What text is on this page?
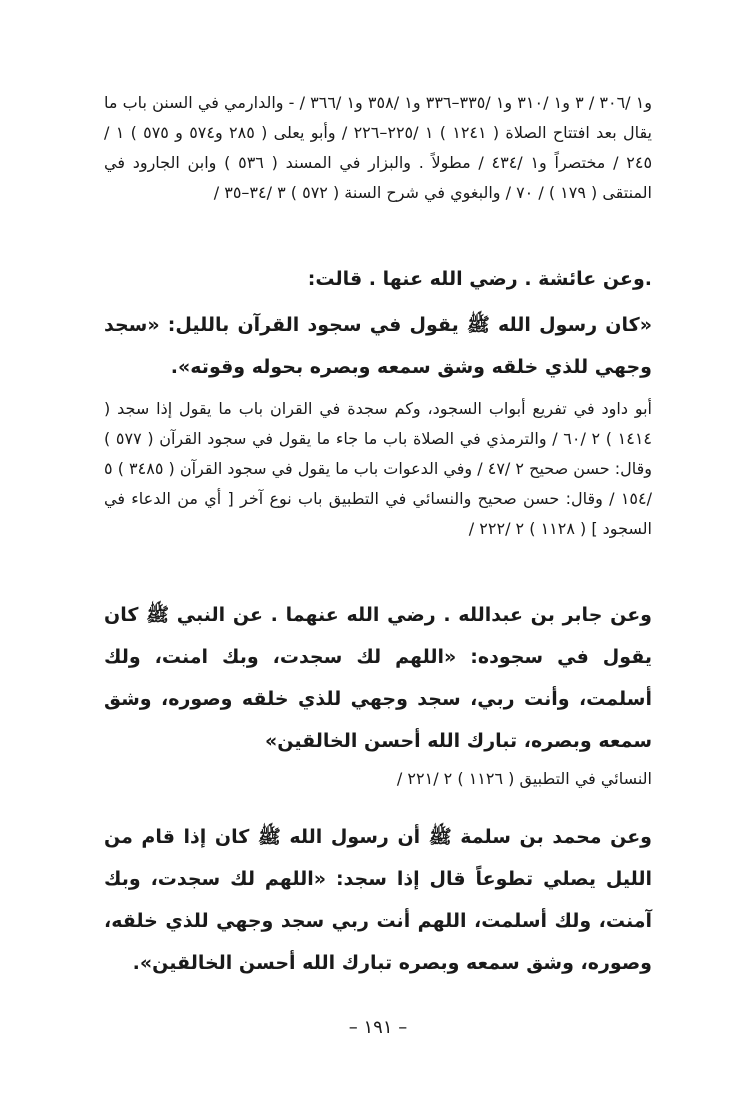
و١ /٣٠٦ / ٣ و١ /٣١٠ و١ /٣٣٥–٣٣٦ و١ /٣٥٨ و١ /٣٦٦ / - والدارمي في السنن باب ما يقال بعد افتتاح الصلاة ( ١٢٤١ ) ١ /٢٢٥–٢٢٦ / وأبو يعلى ( ٢٨٥ و٥٧٤ و ٥٧٥ ) ١ /٢٤٥ / مختصراً و١ /٤٣٤ / مطولاً . والبزار في المسند ( ٥٣٦ ) وابن الجارود في المنتقى ( ١٧٩ ) / ٧٠ / والبغوي في شرح السنة ( ٥٧٢ ) ٣ /٣٤–٣٥ /

.وعن عائشة . رضي الله عنها . قالت:

«كان رسول الله ﷺ يقول في سجود القرآن بالليل: «سجد وجهي للذي خلقه وشق سمعه وبصره بحوله وقوته».

أبو داود في تفريع أبواب السجود، وكم سجدة في القران باب ما يقول إذا سجد ( ١٤١٤ ) ٢ /٦٠ / والترمذي في الصلاة باب ما جاء ما يقول في سجود القرآن ( ٥٧٧ ) وقال: حسن صحيح ٢ /٤٧ / وفي الدعوات باب ما يقول في سجود القرآن ( ٣٤٨٥ ) ٥ /١٥٤ / وقال: حسن صحيح والنسائي في التطبيق باب نوع آخر [ أي من الدعاء في السجود ] ( ١١٢٨ ) ٢ /٢٢٢ /

وعن جابر بن عبدالله . رضي الله عنهما . عن النبي ﷺ كان يقول في سجوده: «اللهم لك سجدت، وبك امنت، ولك أسلمت، وأنت ربي، سجد وجهي للذي خلقه وصوره، وشق سمعه وبصره، تبارك الله أحسن الخالقين»

النسائي في التطبيق ( ١١٢٦ ) ٢ /٢٢١ /

وعن محمد بن سلمة ﷺ أن رسول الله ﷺ كان إذا قام من الليل يصلي تطوعاً قال إذا سجد: «اللهم لك سجدت، وبك آمنت، ولك أسلمت، اللهم أنت ربي سجد وجهي للذي خلقه، وصوره، وشق سمعه وبصره تبارك الله أحسن الخالقين».

– ١٩١ –
